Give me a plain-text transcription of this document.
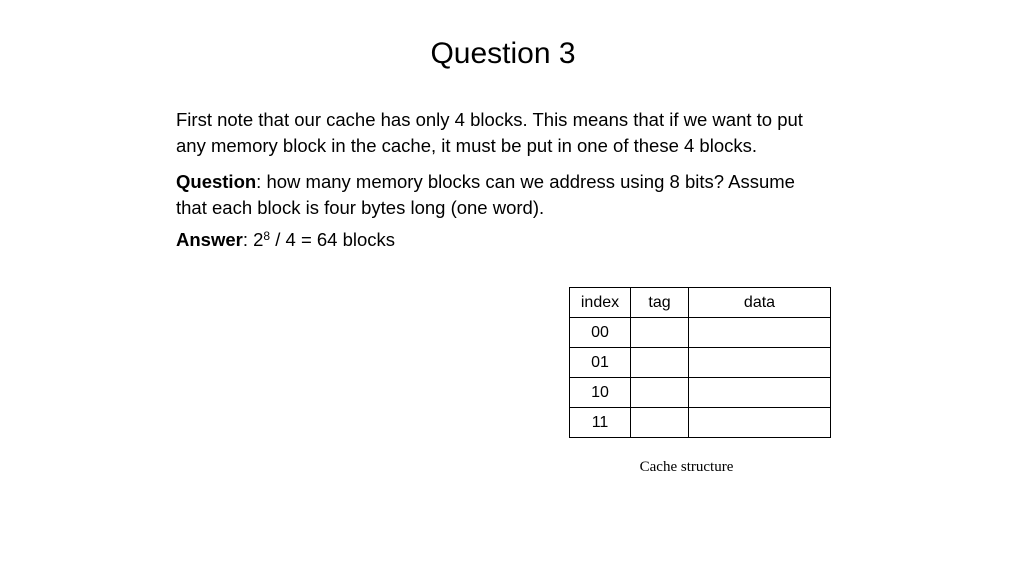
Question 3
First note that our cache has only 4 blocks. This means that if we want to put
any memory block in the cache, it must be put in one of these 4 blocks.
Question: how many memory blocks can we address using 8 bits? Assume
that each block is four bytes long (one word).
Answer: $2^8 / 4 = 64$ blocks
index	tag	data
00		
01		
10		
11		
Cache structure
